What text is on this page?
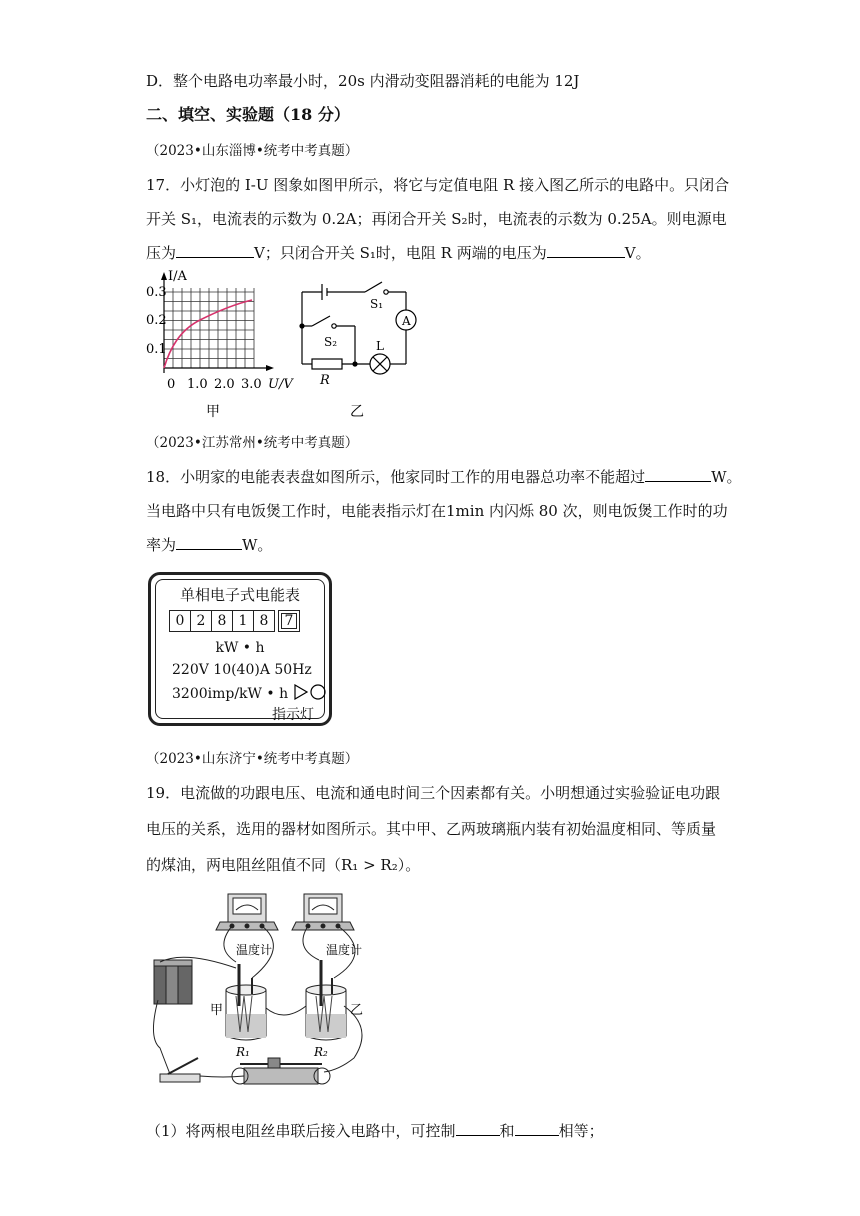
D．整个电路电功率最小时，20s 内滑动变阻器消耗的电能为 12J
二、填空、实验题（18 分）
（2023•山东淄博•统考中考真题）
17．小灯泡的 I-U 图象如图甲所示，将它与定值电阻 R 接入图乙所示的电路中。只闭合
开关 S₁，电流表的示数为 0.2A；再闭合开关 S₂时，电流表的示数为 0.25A。则电源电
压为	V；只闭合开关 S₁时，电阻 R 两端的电压为	V。
I/A
0.3
0.2
0.1
0 1.0 2.0 3.0 U/V
甲
S₁
A
S₂	L
R
乙
（2023•江苏常州•统考中考真题）
18．小明家的电能表表盘如图所示，他家同时工作的用电器总功率不能超过	W。
当电路中只有电饭煲工作时，电能表指示灯在1min 内闪烁 80 次，则电饭煲工作时的功
率为	W。
单相电子式电能表
0 2 8 1 8	7
kW • h
220V 10(40)A 50Hz
3200imp/kW • h
指示灯
（2023•山东济宁•统考中考真题）
19．电流做的功跟电压、电流和通电时间三个因素都有关。小明想通过实验验证电功跟
电压的关系，选用的器材如图所示。其中甲、乙两玻璃瓶内装有初始温度相同、等质量
的煤油，两电阻丝阻值不同（R₁ > R₂）。
温度计	温度计
甲	乙
R₁	R₂
（1）将两根电阻丝串联后接入电路中，可控制	和	相等；
